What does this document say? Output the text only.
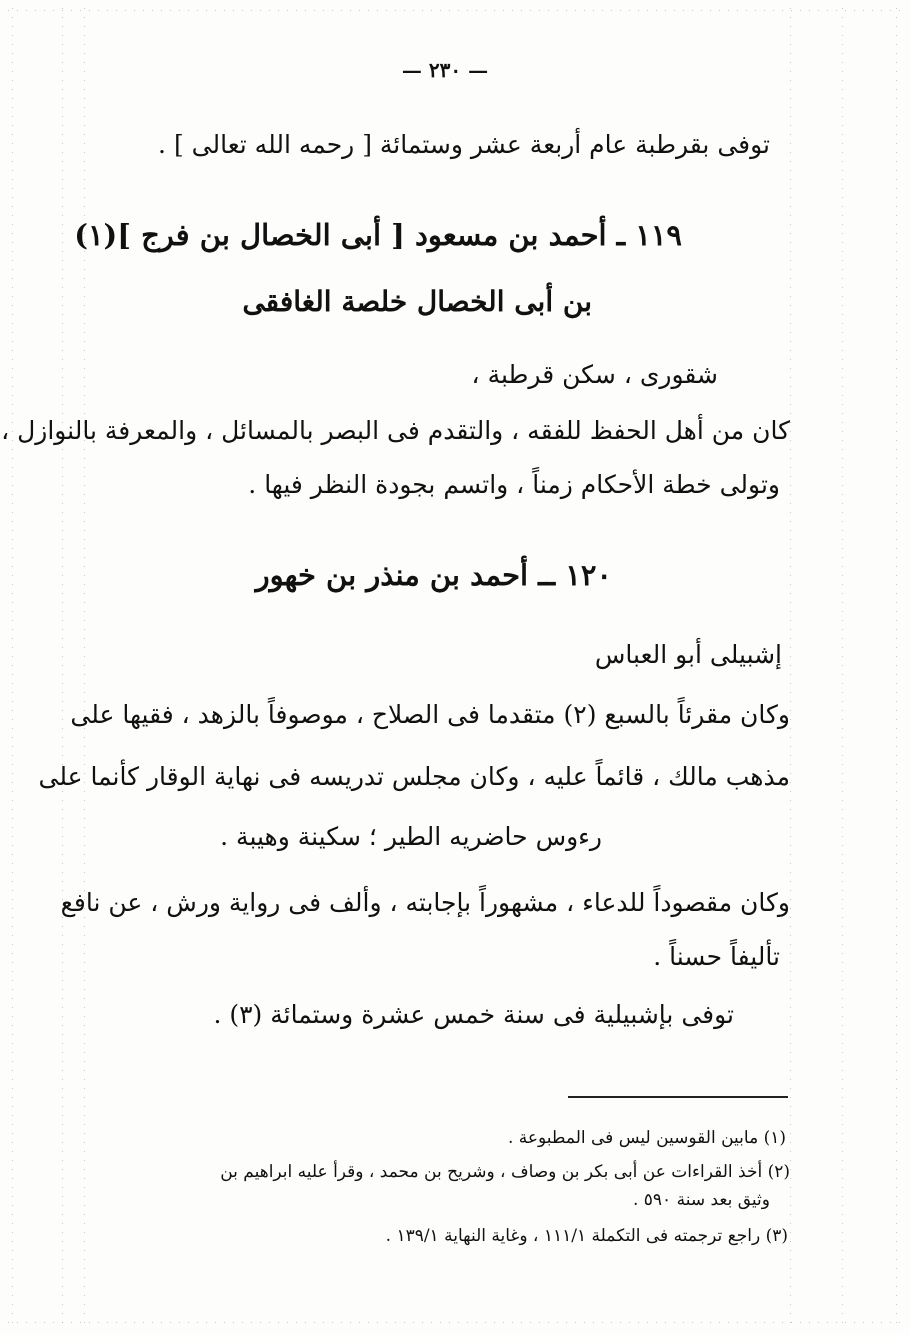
— ٢٣٠ —
توفى بقرطبة عام أربعة عشر وستمائة [ رحمه الله تعالى ] .
١١٩ ـ أحمد بن مسعود [ أبى الخصال بن فرج ](١)
بن أبى الخصال خلصة الغافقى
شقورى ، سكن قرطبة ،
كان من أهل الحفظ للفقه ، والتقدم فى البصر بالمسائل ، والمعرفة بالنوازل ،
وتولى خطة الأحكام زمناً ، واتسم بجودة النظر فيها .
١٢٠ ــ أحمد بن منذر بن خهور
إشبيلى أبو العباس
وكان مقرئاً بالسبع (٢) متقدما فى الصلاح ، موصوفاً بالزهد ، فقيها على
مذهب مالك ، قائماً عليه ، وكان مجلس تدريسه فى نهاية الوقار كأنما على
رءوس حاضريه الطير ؛ سكينة وهيبة .
وكان مقصوداً للدعاء ، مشهوراً بإجابته ، وألف فى رواية ورش ، عن نافع
تأليفاً حسناً .
توفى بإشبيلية فى سنة خمس عشرة وستمائة (٣) .
(١) مابين القوسين ليس فى المطبوعة .
(٢) أخذ القراءات عن أبى بكر بن وصاف ، وشريح بن محمد ، وقرأ عليه ابراهيم بن
وثيق بعد سنة ٥٩٠ .
(٣) راجع ترجمته فى التكملة ١١١/١ ، وغاية النهاية ١٣٩/١ .
